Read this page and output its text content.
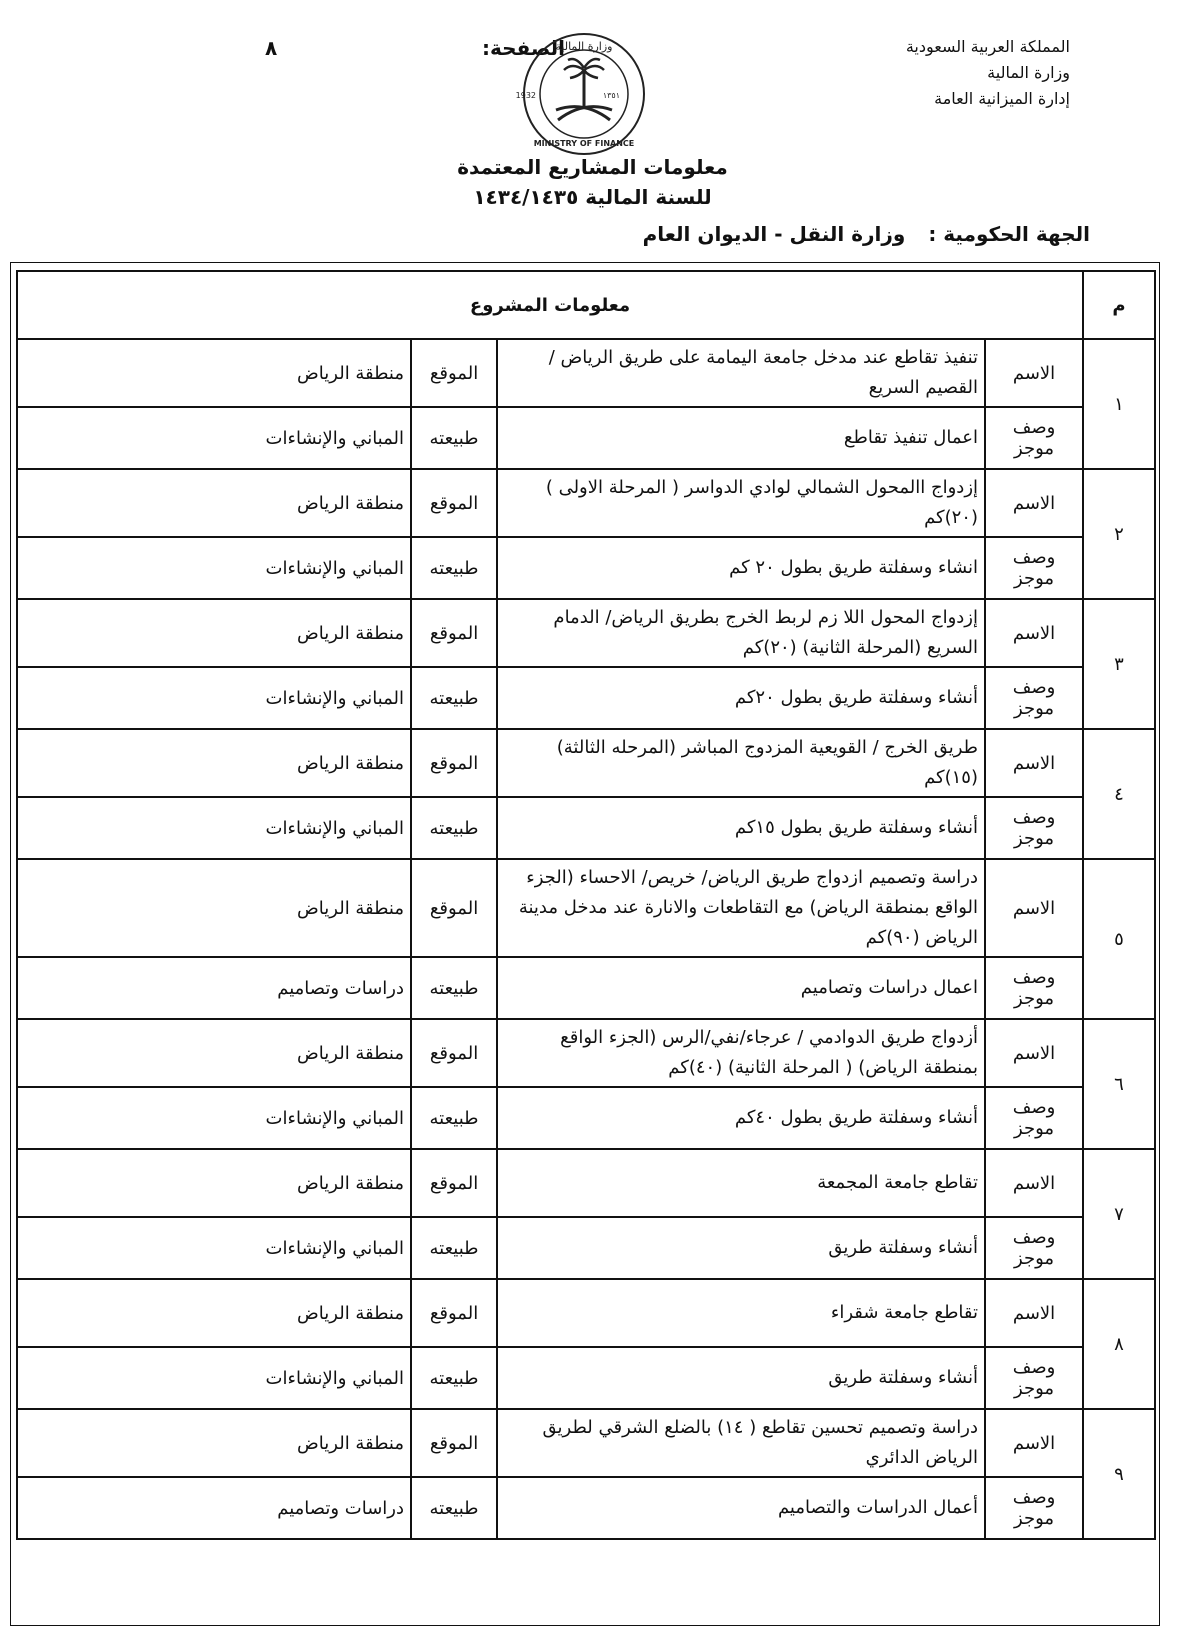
المملكة العربية السعودية
وزارة المالية
إدارة الميزانية العامة
الصفحة:
٨	وزارة المالية
MINISTRY OF FINANCE
1932	١٣٥١
معلومات المشاريع المعتمدة
للسنة المالية ١٤٣٤/١٤٣٥
الجهة الحكومية : وزارة النقل - الديوان العام
م	معلومات المشروع			
١	الاسم	تنفيذ تقاطع عند مدخل جامعة اليمامة على طريق الرياض / القصيم السريع	الموقع	منطقة الرياض
	وصف موجز	اعمال تنفيذ تقاطع	طبيعته	المباني والإنشاءات
٢	الاسم	إزدواج االمحول الشمالي لوادي الدواسر ( المرحلة الاولى ) (٢٠)كم	الموقع	منطقة الرياض
	وصف موجز	انشاء وسفلتة طريق بطول ٢٠ كم	طبيعته	المباني والإنشاءات
٣	الاسم	إزدواج المحول اللا زم لربط الخرج بطريق الرياض/ الدمام السريع (المرحلة الثانية) (٢٠)كم	الموقع	منطقة الرياض
	وصف موجز	أنشاء وسفلتة طريق بطول ٢٠كم	طبيعته	المباني والإنشاءات
٤	الاسم	طريق الخرج / القويعية المزدوج المباشر (المرحله الثالثة) (١٥)كم	الموقع	منطقة الرياض
	وصف موجز	أنشاء وسفلتة طريق بطول ١٥كم	طبيعته	المباني والإنشاءات
٥	الاسم	دراسة وتصميم ازدواج طريق الرياض/ خريص/ الاحساء (الجزء الواقع بمنطقة الرياض) مع التقاطعات والانارة عند مدخل مدينة الرياض (٩٠)كم	الموقع	منطقة الرياض
	وصف موجز	اعمال دراسات وتصاميم	طبيعته	دراسات وتصاميم
٦	الاسم	أزدواج طريق الدوادمي / عرجاء/نفي/الرس (الجزء الواقع بمنطقة الرياض) ( المرحلة الثانية) (٤٠)كم	الموقع	منطقة الرياض
	وصف موجز	أنشاء وسفلتة طريق بطول ٤٠كم	طبيعته	المباني والإنشاءات
٧	الاسم	تقاطع جامعة المجمعة	الموقع	منطقة الرياض
	وصف موجز	أنشاء وسفلتة طريق	طبيعته	المباني والإنشاءات
٨	الاسم	تقاطع جامعة شقراء	الموقع	منطقة الرياض
	وصف موجز	أنشاء وسفلتة طريق	طبيعته	المباني والإنشاءات
٩	الاسم	دراسة وتصميم تحسين تقاطع ( ١٤) بالضلع الشرقي لطريق الرياض الدائري	الموقع	منطقة الرياض
	وصف موجز	أعمال الدراسات والتصاميم	طبيعته	دراسات وتصاميم
